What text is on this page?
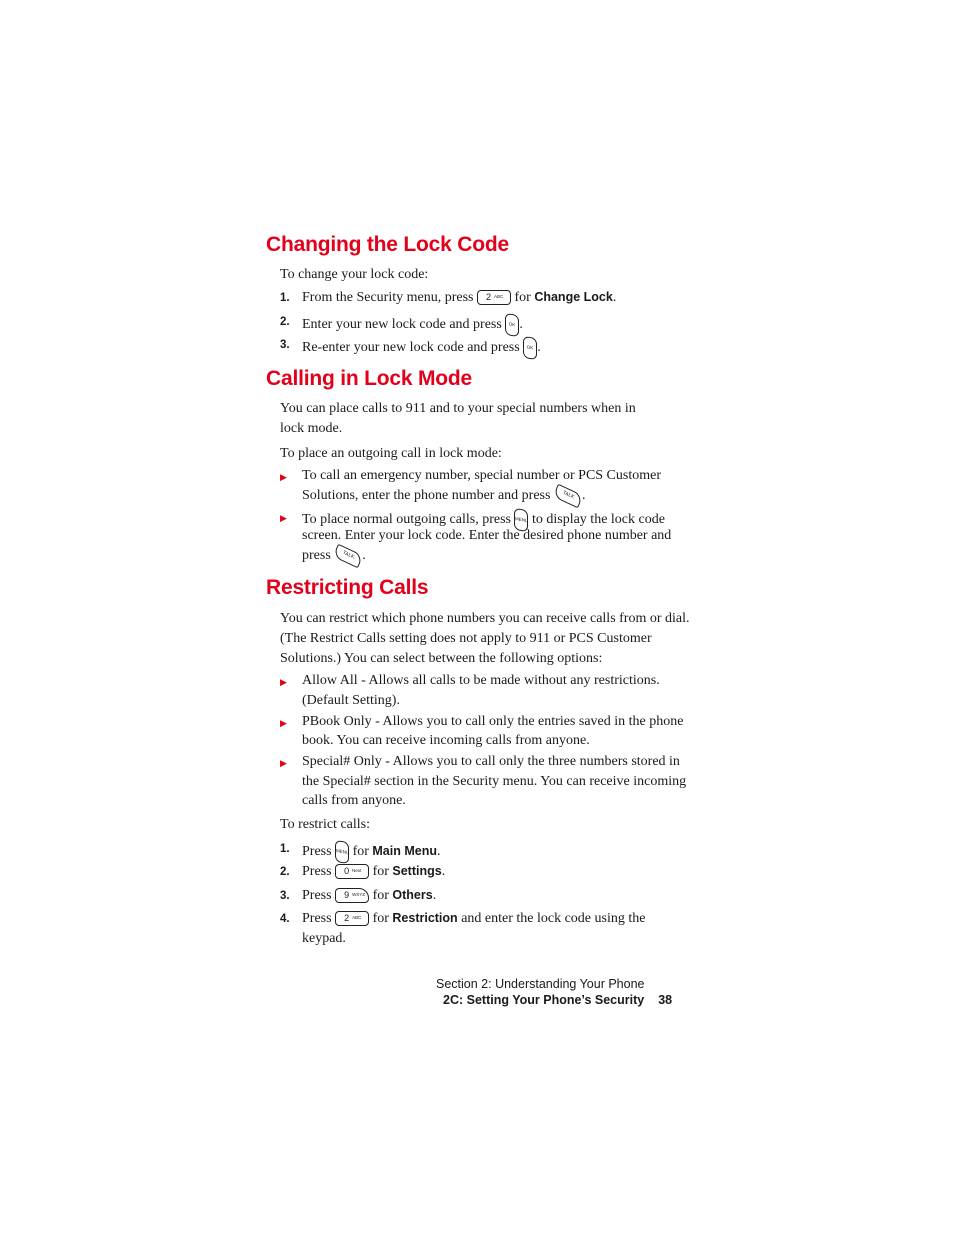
Changing the Lock Code
To change your lock code:
1. From the Security menu, press 2 $^{ABC}$ for Change Lock.
2. Enter your new lock code and press OK .
3. Re-enter your new lock code and press OK .
Calling in Lock Mode
You can place calls to 911 and to your special numbers when in
lock mode.
To place an outgoing call in lock mode:
▶ To call an emergency number, special number or PCS Customer
Solutions, enter the phone number and press TALK .
▶ To place normal outgoing calls, press MENU to display the lock code
screen. Enter your lock code. Enter the desired phone number and
press TALK .
Restricting Calls
You can restrict which phone numbers you can receive calls from or dial.
(The Restrict Calls setting does not apply to 911 or PCS Customer
Solutions.) You can select between the following options:
▶ Allow All - Allows all calls to be made without any restrictions.
(Default Setting).
▶ PBook Only - Allows you to call only the entries saved in the phone
book. You can receive incoming calls from anyone.
▶ Special# Only - Allows you to call only the three numbers stored in
the Special# section in the Security menu. You can receive incoming
calls from anyone.
To restrict calls:
1. Press MENU for Main Menu.
2. Press 0 $^{Next}$ for Settings.
3. Press 9 $^{WXYZ}$ for Others.
4. Press 2 $^{ABC}$ for Restriction and enter the lock code using the
keypad.
Section 2: Understanding Your Phone
2C: Setting Your Phone’s Security 38
